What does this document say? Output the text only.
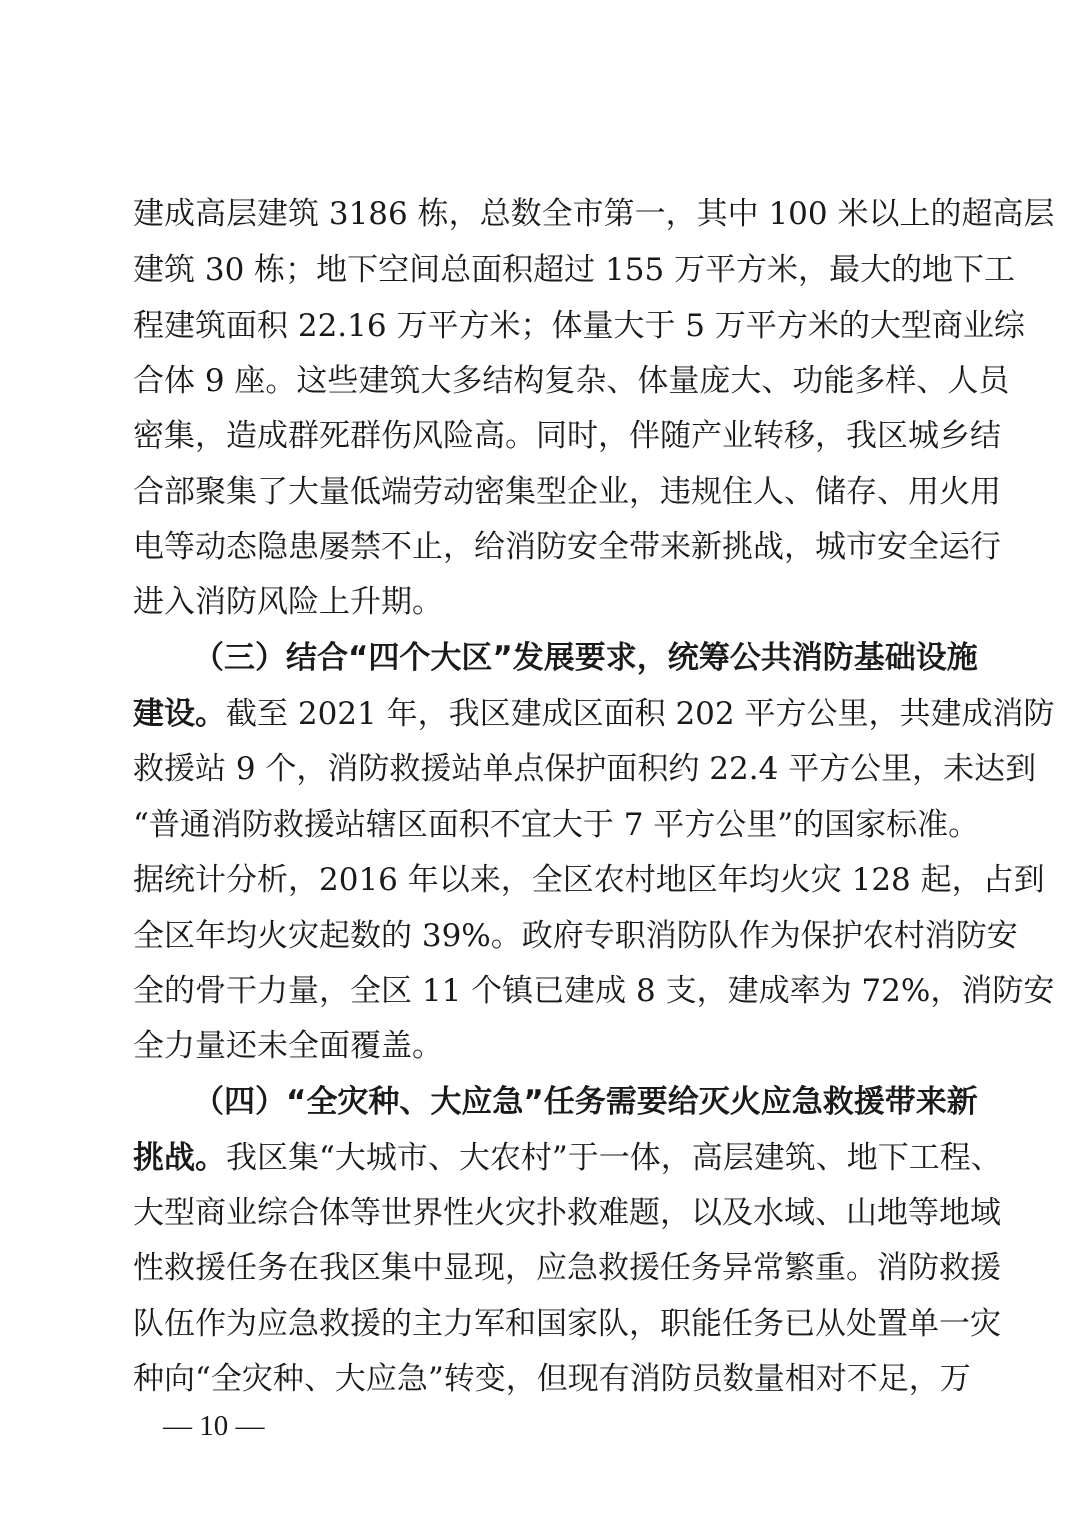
建成高层建筑 3186 栋，总数全市第一，其中 100 米以上的超高层
建筑 30 栋；地下空间总面积超过 155 万平方米，最大的地下工
程建筑面积 22.16 万平方米；体量大于 5 万平方米的大型商业综
合体 9 座。这些建筑大多结构复杂、体量庞大、功能多样、人员
密集，造成群死群伤风险高。同时，伴随产业转移，我区城乡结
合部聚集了大量低端劳动密集型企业，违规住人、储存、用火用
电等动态隐患屡禁不止，给消防安全带来新挑战，城市安全运行
进入消防风险上升期。
（三）结合“四个大区”发展要求，统筹公共消防基础设施
建设。截至 2021 年，我区建成区面积 202 平方公里，共建成消防
救援站 9 个，消防救援站单点保护面积约 22.4 平方公里，未达到
“普通消防救援站辖区面积不宜大于 7 平方公里”的国家标准。
据统计分析，2016 年以来，全区农村地区年均火灾 128 起，占到
全区年均火灾起数的 39%。政府专职消防队作为保护农村消防安
全的骨干力量，全区 11 个镇已建成 8 支，建成率为 72%，消防安
全力量还未全面覆盖。
（四）“全灾种、大应急”任务需要给灭火应急救援带来新
挑战。我区集“大城市、大农村”于一体，高层建筑、地下工程、
大型商业综合体等世界性火灾扑救难题，以及水域、山地等地域
性救援任务在我区集中显现，应急救援任务异常繁重。消防救援
队伍作为应急救援的主力军和国家队，职能任务已从处置单一灾
种向“全灾种、大应急”转变，但现有消防员数量相对不足，万
— 10 —
